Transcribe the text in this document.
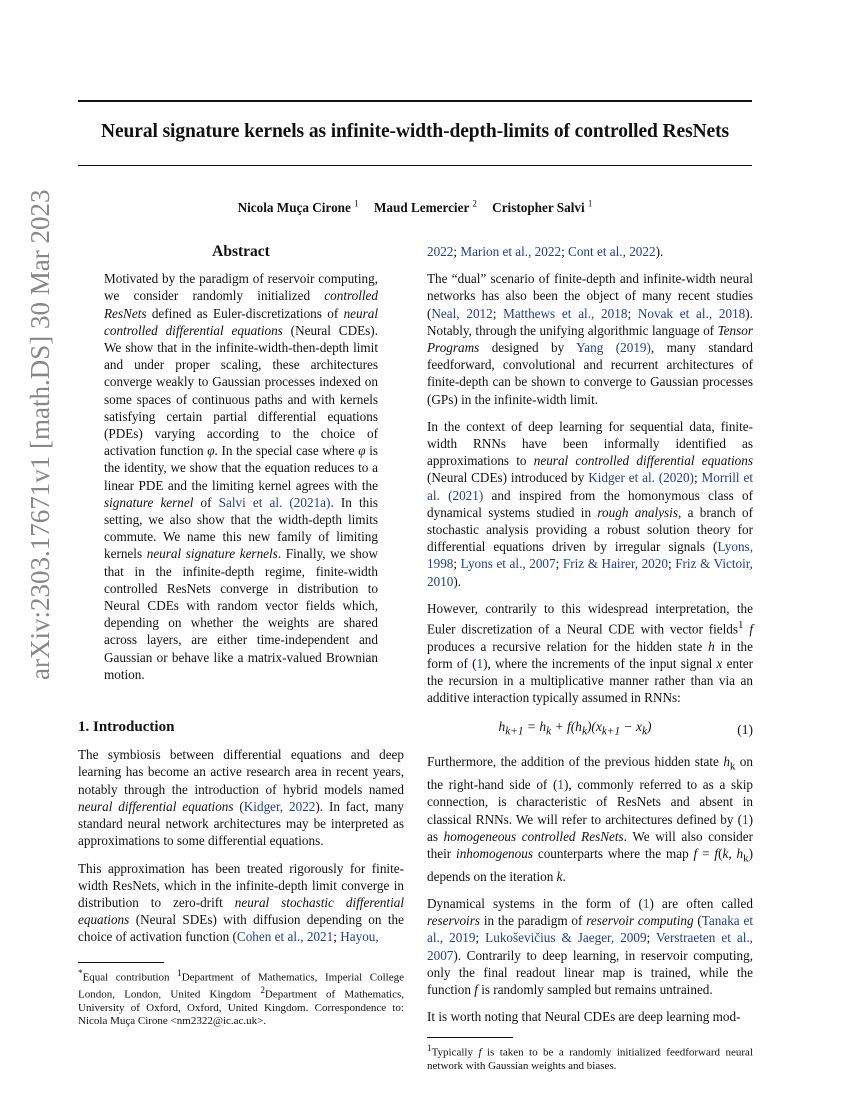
arXiv:2303.17671v1 [math.DS] 30 Mar 2023
Neural signature kernels as infinite-width-depth-limits of controlled ResNets
Nicola Muça Cirone $^1$ Maud Lemercier $^2$ Cristopher Salvi $^1$
Abstract

Motivated by the paradigm of reservoir computing, we consider randomly initialized controlled ResNets defined as Euler-discretizations of neural controlled differential equations (Neural CDEs). We show that in the infinite-width-then-depth limit and under proper scaling, these architectures converge weakly to Gaussian processes indexed on some spaces of continuous paths and with kernels satisfying certain partial differential equations (PDEs) varying according to the choice of activation function φ. In the special case where φ is the identity, we show that the equation reduces to a linear PDE and the limiting kernel agrees with the signature kernel of Salvi et al. (2021a). In this setting, we also show that the width-depth limits commute. We name this new family of limiting kernels neural signature kernels. Finally, we show that in the infinite-depth regime, finite-width controlled ResNets converge in distribution to Neural CDEs with random vector fields which, depending on whether the weights are shared across layers, are either time-independent and Gaussian or behave like a matrix-valued Brownian motion.

1. Introduction

The symbiosis between differential equations and deep learning has become an active research area in recent years, notably through the introduction of hybrid models named neural differential equations (Kidger, 2022). In fact, many standard neural network architectures may be interpreted as approximations to some differential equations.

This approximation has been treated rigorously for finite-width ResNets, which in the infinite-depth limit converge in distribution to zero-drift neural stochastic differential equations (Neural SDEs) with diffusion depending on the choice of activation function (Cohen et al., 2021; Hayou,

*Equal contribution $^1$Department of Mathematics, Imperial College London, London, United Kingdom $^2$Department of Mathematics, University of Oxford, Oxford, United Kingdom. Correspondence to: Nicola Muça Cirone <nm2322@ic.ac.uk>.

2022; Marion et al., 2022; Cont et al., 2022).

The “dual” scenario of finite-depth and infinite-width neural networks has also been the object of many recent studies (Neal, 2012; Matthews et al., 2018; Novak et al., 2018). Notably, through the unifying algorithmic language of Tensor Programs designed by Yang (2019), many standard feedforward, convolutional and recurrent architectures of finite-depth can be shown to converge to Gaussian processes (GPs) in the infinite-width limit.

In the context of deep learning for sequential data, finite-width RNNs have been informally identified as approximations to neural controlled differential equations (Neural CDEs) introduced by Kidger et al. (2020); Morrill et al. (2021) and inspired from the homonymous class of dynamical systems studied in rough analysis, a branch of stochastic analysis providing a robust solution theory for differential equations driven by irregular signals (Lyons, 1998; Lyons et al., 2007; Friz & Hairer, 2020; Friz & Victoir, 2010).

However, contrarily to this widespread interpretation, the Euler discretization of a Neural CDE with vector fields$^1$ f produces a recursive relation for the hidden state h in the form of (1), where the increments of the input signal x enter the recursion in a multiplicative manner rather than via an additive interaction typically assumed in RNNs:

$h_{k+1} = h_k + f(h_k)(x_{k+1} - x_k)$	(1)

Furthermore, the addition of the previous hidden state $h_k$ on the right-hand side of (1), commonly referred to as a skip connection, is characteristic of ResNets and absent in classical RNNs. We will refer to architectures defined by (1) as homogeneous controlled ResNets. We will also consider their inhomogenous counterparts where the map f = f(k, $h_k$) depends on the iteration k.

Dynamical systems in the form of (1) are often called reservoirs in the paradigm of reservoir computing (Tanaka et al., 2019; Lukoševičius & Jaeger, 2009; Verstraeten et al., 2007). Contrarily to deep learning, in reservoir computing, only the final readout linear map is trained, while the function f is randomly sampled but remains untrained.

It is worth noting that Neural CDEs are deep learning mod-

$^1$Typically f is taken to be a randomly initialized feedforward neural network with Gaussian weights and biases.
